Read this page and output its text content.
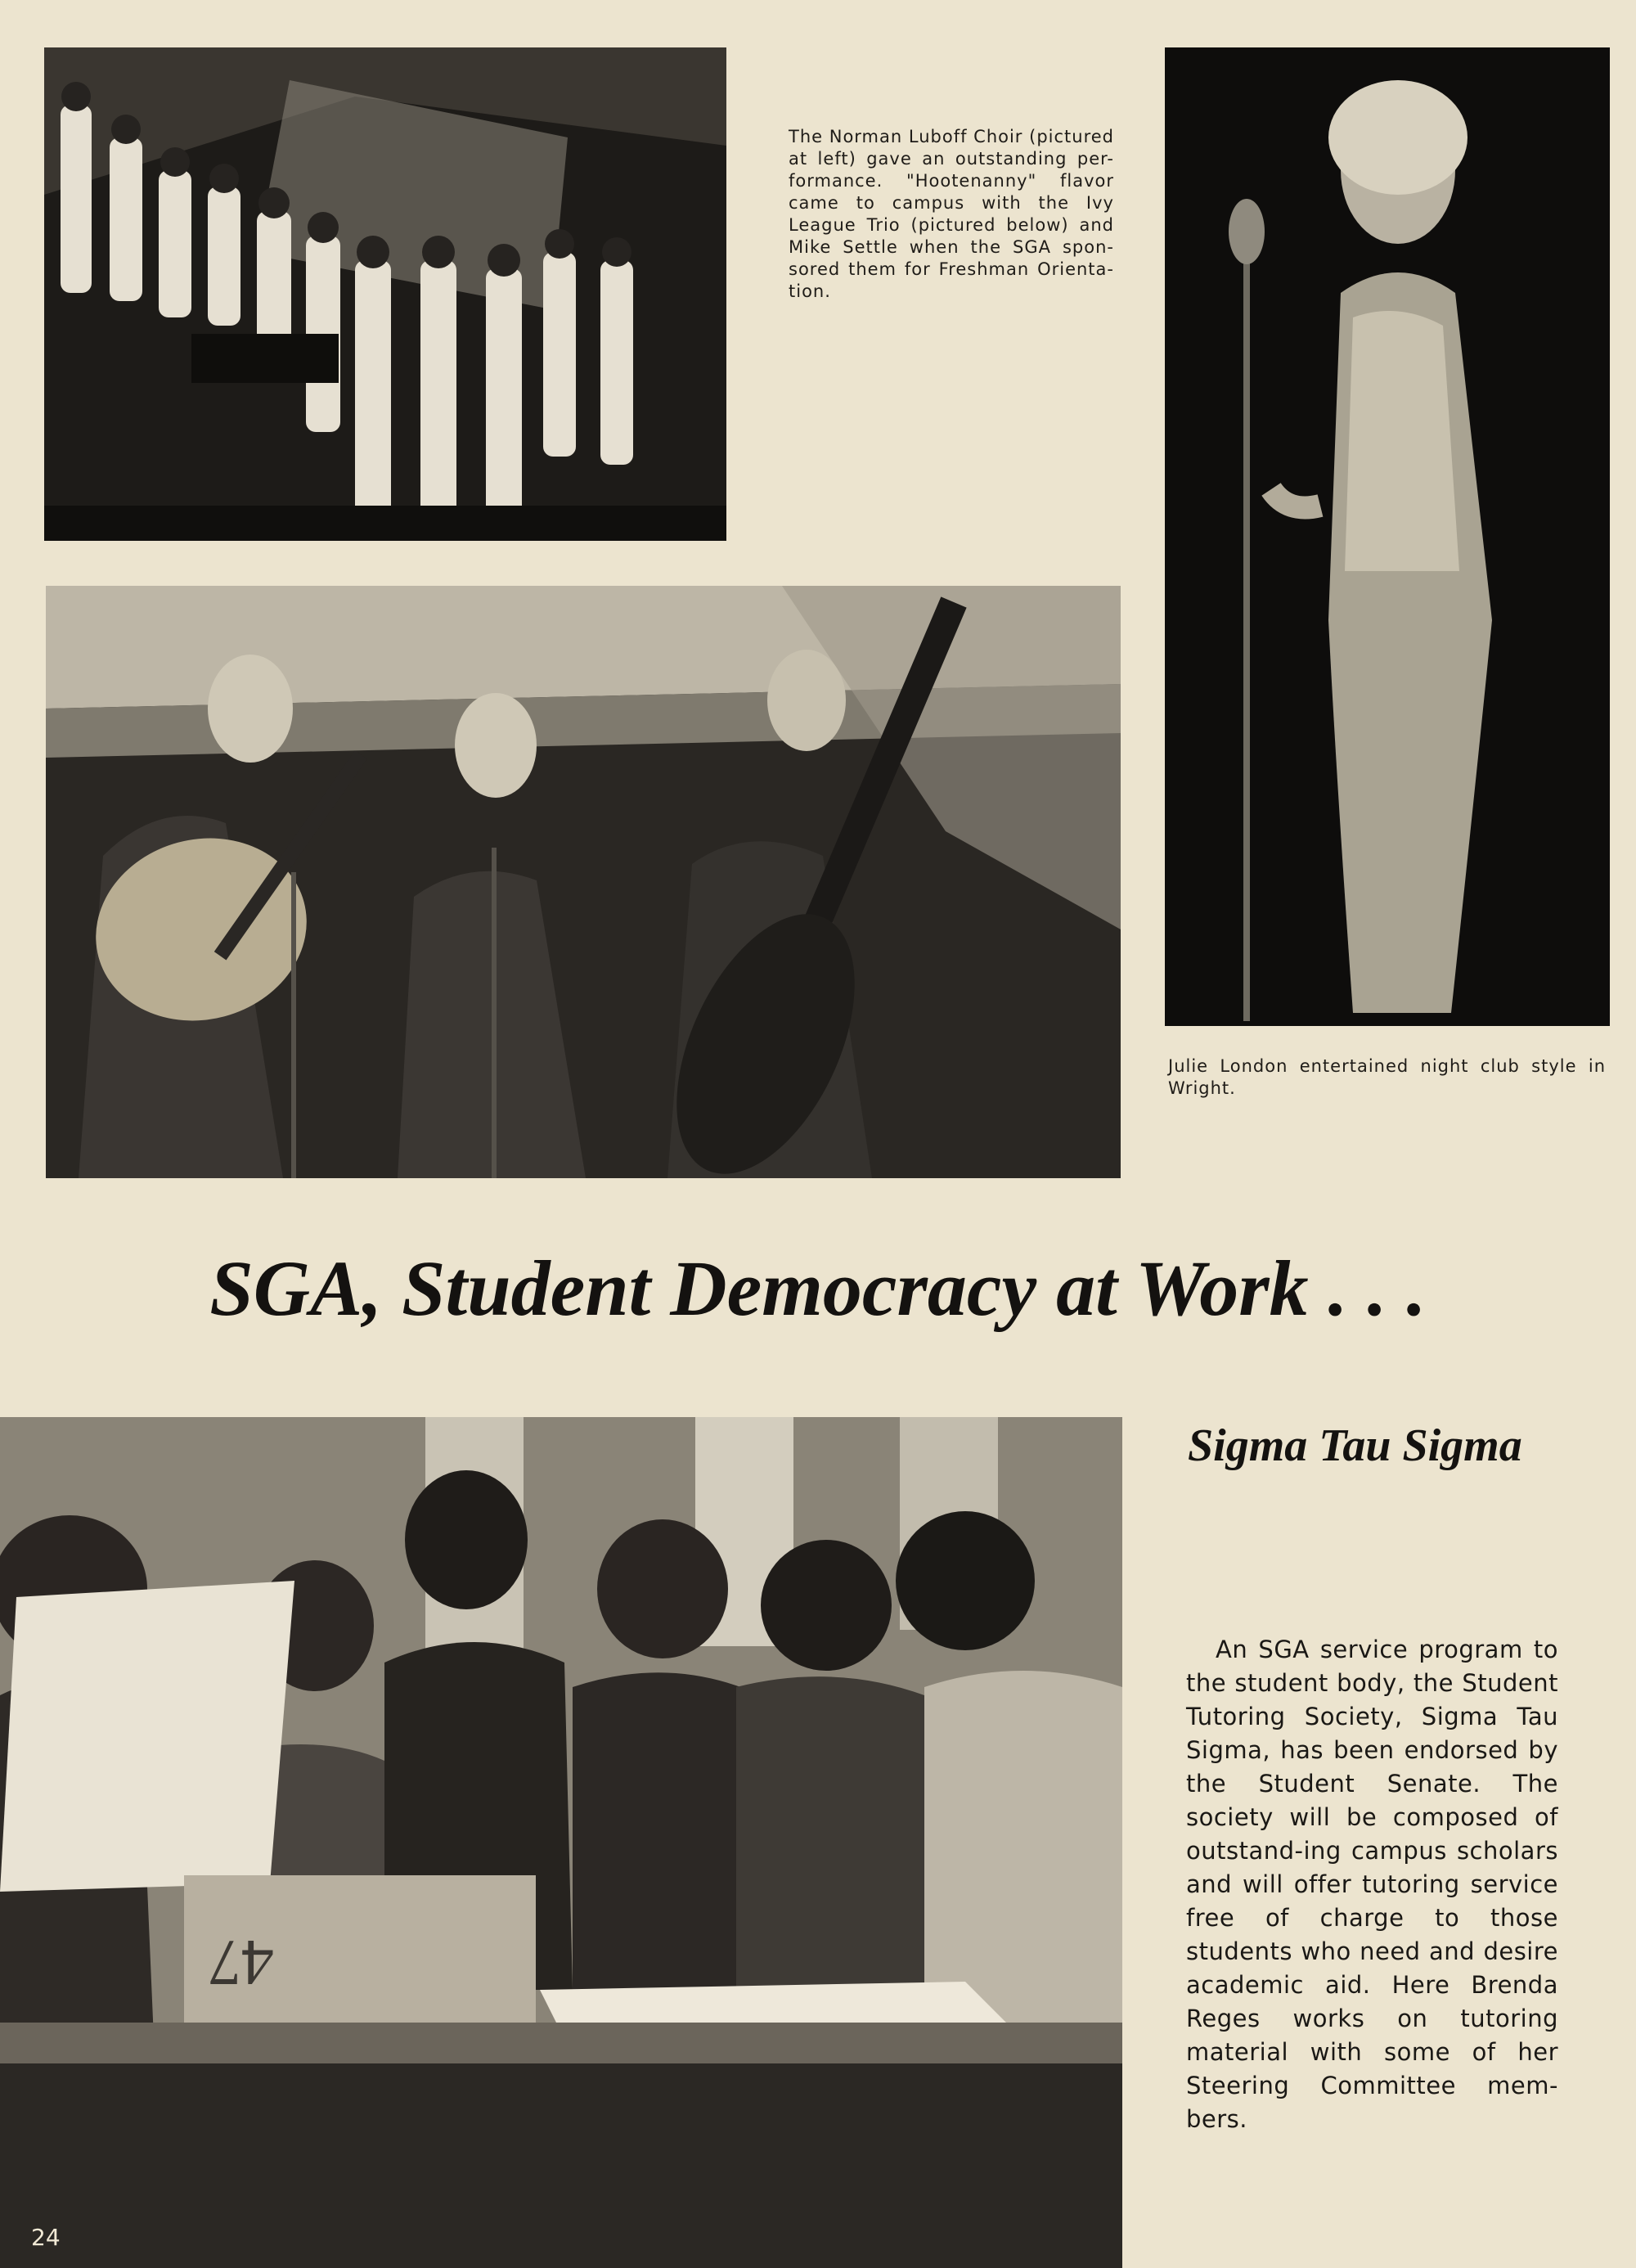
The Norman Luboff Choir (pictured at left) gave an outstanding per-formance. "Hootenanny" flavor came to campus with the Ivy League Trio (pictured below) and Mike Settle when the SGA spon-sored them for Freshman Orienta-tion.

Julie London entertained night club style in Wright.

SGA, Student Democracy at Work . . .
47
Sigma Tau Sigma

An SGA service program to the student body, the Student Tutoring Society, Sigma Tau Sigma, has been endorsed by the Student Senate. The society will be composed of outstand-ing campus scholars and will offer tutoring service free of charge to those students who need and desire academic aid. Here Brenda Reges works on tutoring material with some of her Steering Committee mem-bers.

24
